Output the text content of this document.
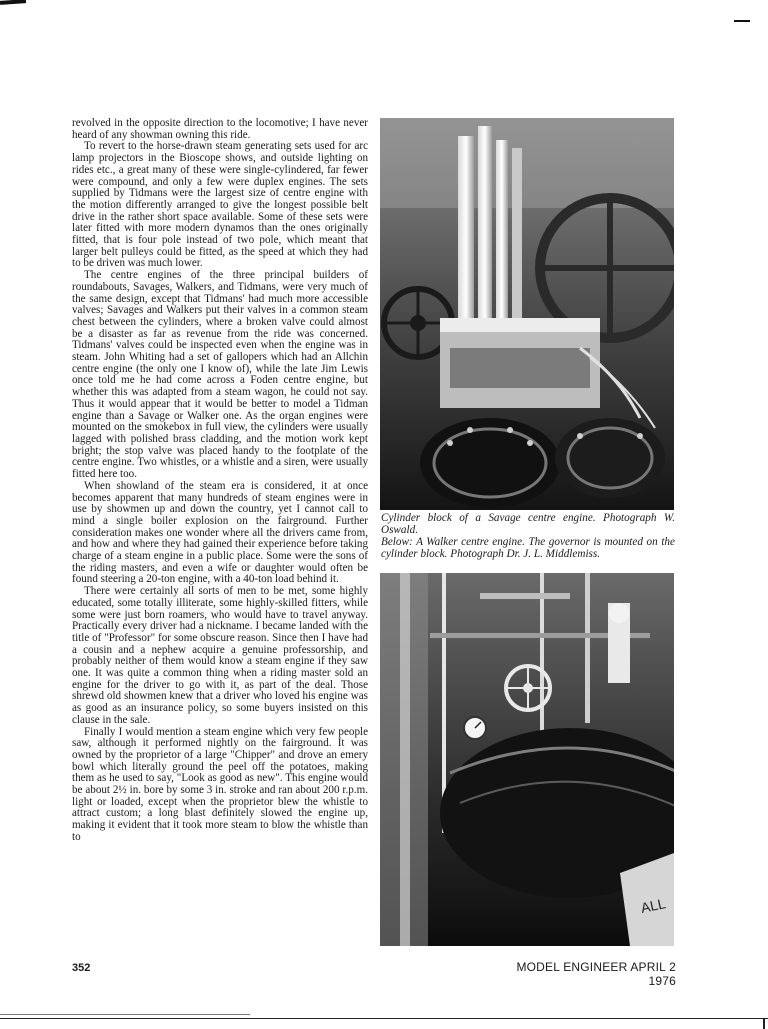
revolved in the opposite direction to the locomotive; I have never heard of any showman owning this ride.

To revert to the horse-drawn steam generating sets used for arc lamp projectors in the Bioscope shows, and outside lighting on rides etc., a great many of these were single-cylindered, far fewer were compound, and only a few were duplex engines. The sets supplied by Tidmans were the largest size of centre engine with the motion differently arranged to give the longest possible belt drive in the rather short space available. Some of these sets were later fitted with more modern dynamos than the ones originally fitted, that is four pole instead of two pole, which meant that larger belt pulleys could be fitted, as the speed at which they had to be driven was much lower.

The centre engines of the three principal builders of roundabouts, Savages, Walkers, and Tidmans, were very much of the same design, except that Tidmans' had much more accessible valves; Savages and Walkers put their valves in a common steam chest between the cylinders, where a broken valve could almost be a disaster as far as revenue from the ride was concerned. Tidmans' valves could be inspected even when the engine was in steam. John Whiting had a set of gallopers which had an Allchin centre engine (the only one I know of), while the late Jim Lewis once told me he had come across a Foden centre engine, but whether this was adapted from a steam wagon, he could not say. Thus it would appear that it would be better to model a Tidman engine than a Savage or Walker one. As the organ engines were mounted on the smokebox in full view, the cylinders were usually lagged with polished brass cladding, and the motion work kept bright; the stop valve was placed handy to the footplate of the centre engine. Two whistles, or a whistle and a siren, were usually fitted here too.

When showland of the steam era is considered, it at once becomes apparent that many hundreds of steam engines were in use by showmen up and down the country, yet I cannot call to mind a single boiler explosion on the fairground. Further consideration makes one wonder where all the drivers came from, and how and where they had gained their experience before taking charge of a steam engine in a public place. Some were the sons of the riding masters, and even a wife or daughter would often be found steering a 20-ton engine, with a 40-ton load behind it.

There were certainly all sorts of men to be met, some highly educated, some totally illiterate, some highly-skilled fitters, while some were just born roamers, who would have to travel anyway. Practically every driver had a nickname. I became landed with the title of "Professor" for some obscure reason. Since then I have had a cousin and a nephew acquire a genuine professorship, and probably neither of them would know a steam engine if they saw one. It was quite a common thing when a riding master sold an engine for the driver to go with it, as part of the deal. Those shrewd old showmen knew that a driver who loved his engine was as good as an insurance policy, so some buyers insisted on this clause in the sale.

Finally I would mention a steam engine which very few people saw, although it performed nightly on the fairground. It was owned by the proprietor of a large "Chipper" and drove an emery bowl which literally ground the peel off the potatoes, making them as he used to say, "Look as good as new". This engine would be about 2½ in. bore by some 3 in. stroke and ran about 200 r.p.m. light or loaded, except when the proprietor blew the whistle to attract custom; a long blast definitely slowed the engine up, making it evident that it took more steam to blow the whistle than to

Cylinder block of a Savage centre engine. Photograph W. Oswald.
Below: A Walker centre engine. The governor is mounted on the cylinder block. Photograph Dr. J. L. Middlemiss.
ALL
352	MODEL ENGINEER APRIL 2 1976
